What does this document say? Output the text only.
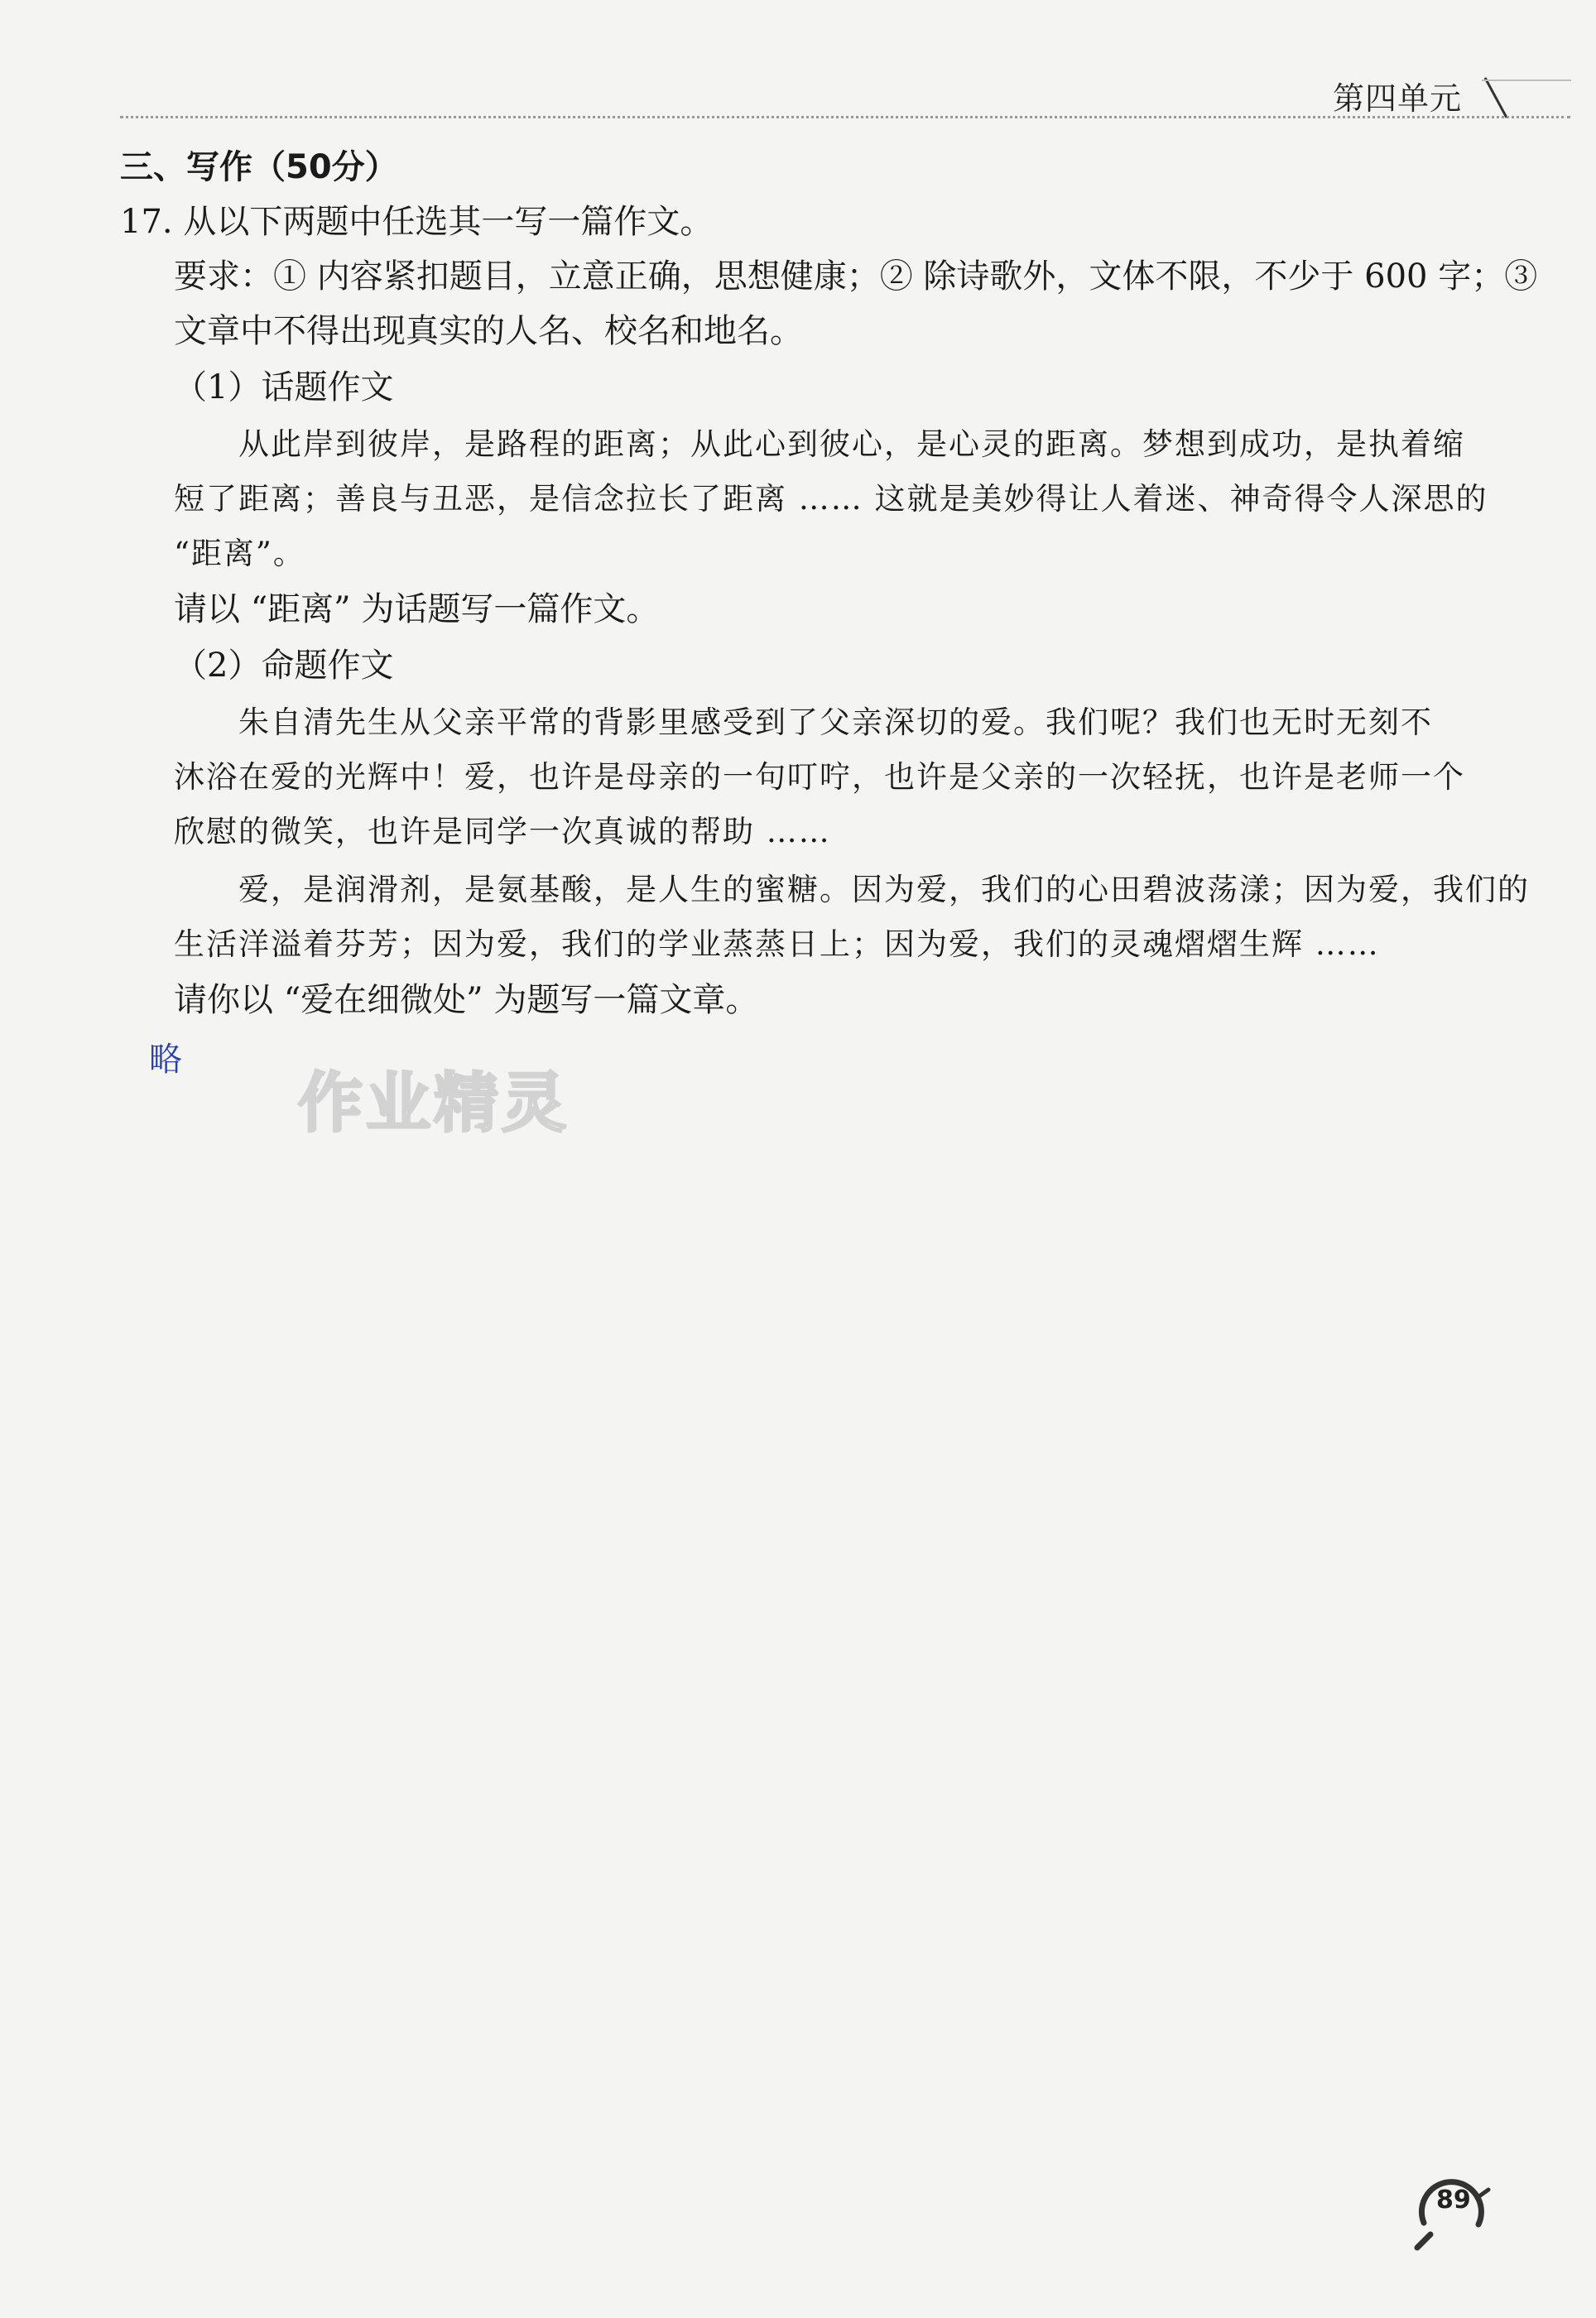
第四单元
三、写作（50分）
17. 从以下两题中任选其一写一篇作文。
要求：① 内容紧扣题目，立意正确，思想健康；② 除诗歌外，文体不限，不少于 600 字；③
文章中不得出现真实的人名、校名和地名。
（1）话题作文
从此岸到彼岸，是路程的距离；从此心到彼心，是心灵的距离。梦想到成功，是执着缩
短了距离；善良与丑恶，是信念拉长了距离 …… 这就是美妙得让人着迷、神奇得令人深思的
“距离”。
请以 “距离” 为话题写一篇作文。
（2）命题作文
朱自清先生从父亲平常的背影里感受到了父亲深切的爱。我们呢？我们也无时无刻不
沐浴在爱的光辉中！爱，也许是母亲的一句叮咛，也许是父亲的一次轻抚，也许是老师一个
欣慰的微笑，也许是同学一次真诚的帮助 ……
爱，是润滑剂，是氨基酸，是人生的蜜糖。因为爱，我们的心田碧波荡漾；因为爱，我们的
生活洋溢着芬芳；因为爱，我们的学业蒸蒸日上；因为爱，我们的灵魂熠熠生辉 ……
请你以 “爱在细微处” 为题写一篇文章。
略
作业精灵
89
